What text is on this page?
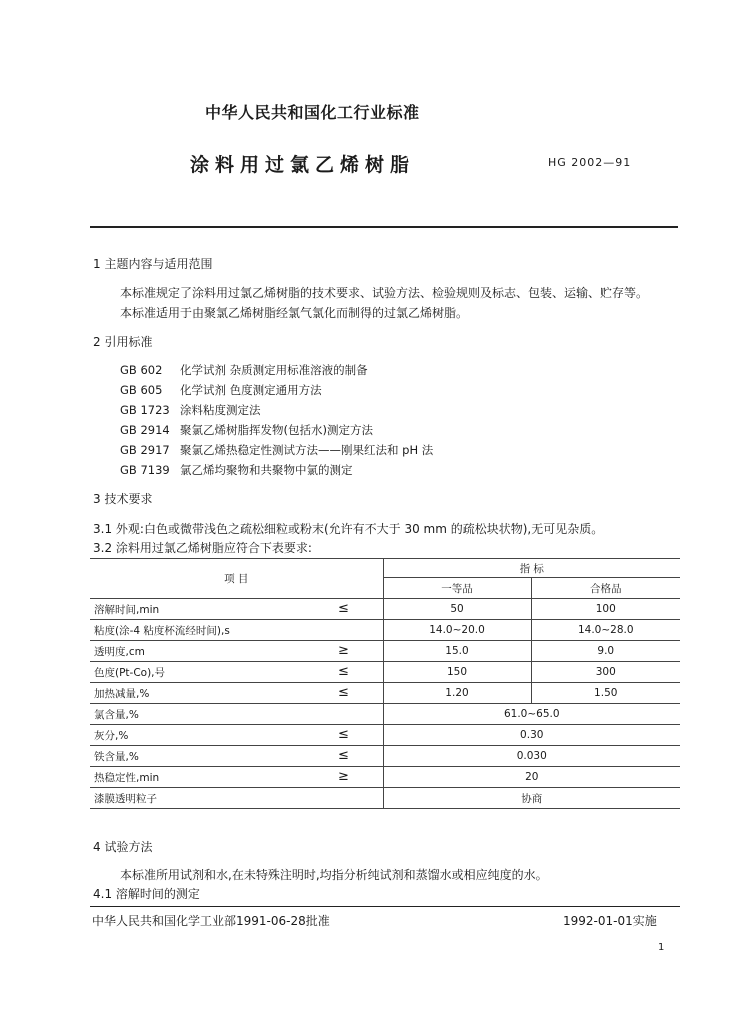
中华人民共和国化工行业标准
涂料用过氯乙烯树脂	HG 2002—91
1 主题内容与适用范围
本标准规定了涂料用过氯乙烯树脂的技术要求、试验方法、检验规则及标志、包装、运输、贮存等。
本标准适用于由聚氯乙烯树脂经氯气氯化而制得的过氯乙烯树脂。
2 引用标准
GB 602 化学试剂 杂质测定用标准溶液的制备
GB 605 化学试剂 色度测定通用方法
GB 1723 涂料粘度测定法
GB 2914 聚氯乙烯树脂挥发物(包括水)测定方法
GB 2917 聚氯乙烯热稳定性测试方法——刚果红法和 pH 法
GB 7139 氯乙烯均聚物和共聚物中氯的测定
3 技术要求
3.1 外观:白色或微带浅色之疏松细粒或粉末(允许有不大于 30 mm 的疏松块状物),无可见杂质。
3.2 涂料用过氯乙烯树脂应符合下表要求:
项 目	指 标	
	一等品	合格品
溶解时间,min ≤	50	100
粘度(涂-4 粘度杯流经时间),s	14.0~20.0	14.0~28.0
透明度,cm ≥	15.0	9.0
色度(Pt-Co),号 ≤	150	300
加热减量,% ≤	1.20	1.50
氯含量,%	61.0~65.0	
灰分,% ≤	0.30	
铁含量,% ≤	0.030	
热稳定性,min ≥	20	
漆膜透明粒子	协商	
4 试验方法
本标准所用试剂和水,在未特殊注明时,均指分析纯试剂和蒸馏水或相应纯度的水。
4.1 溶解时间的测定
中华人民共和国化学工业部1991-06-28批准	1992-01-01实施
1
